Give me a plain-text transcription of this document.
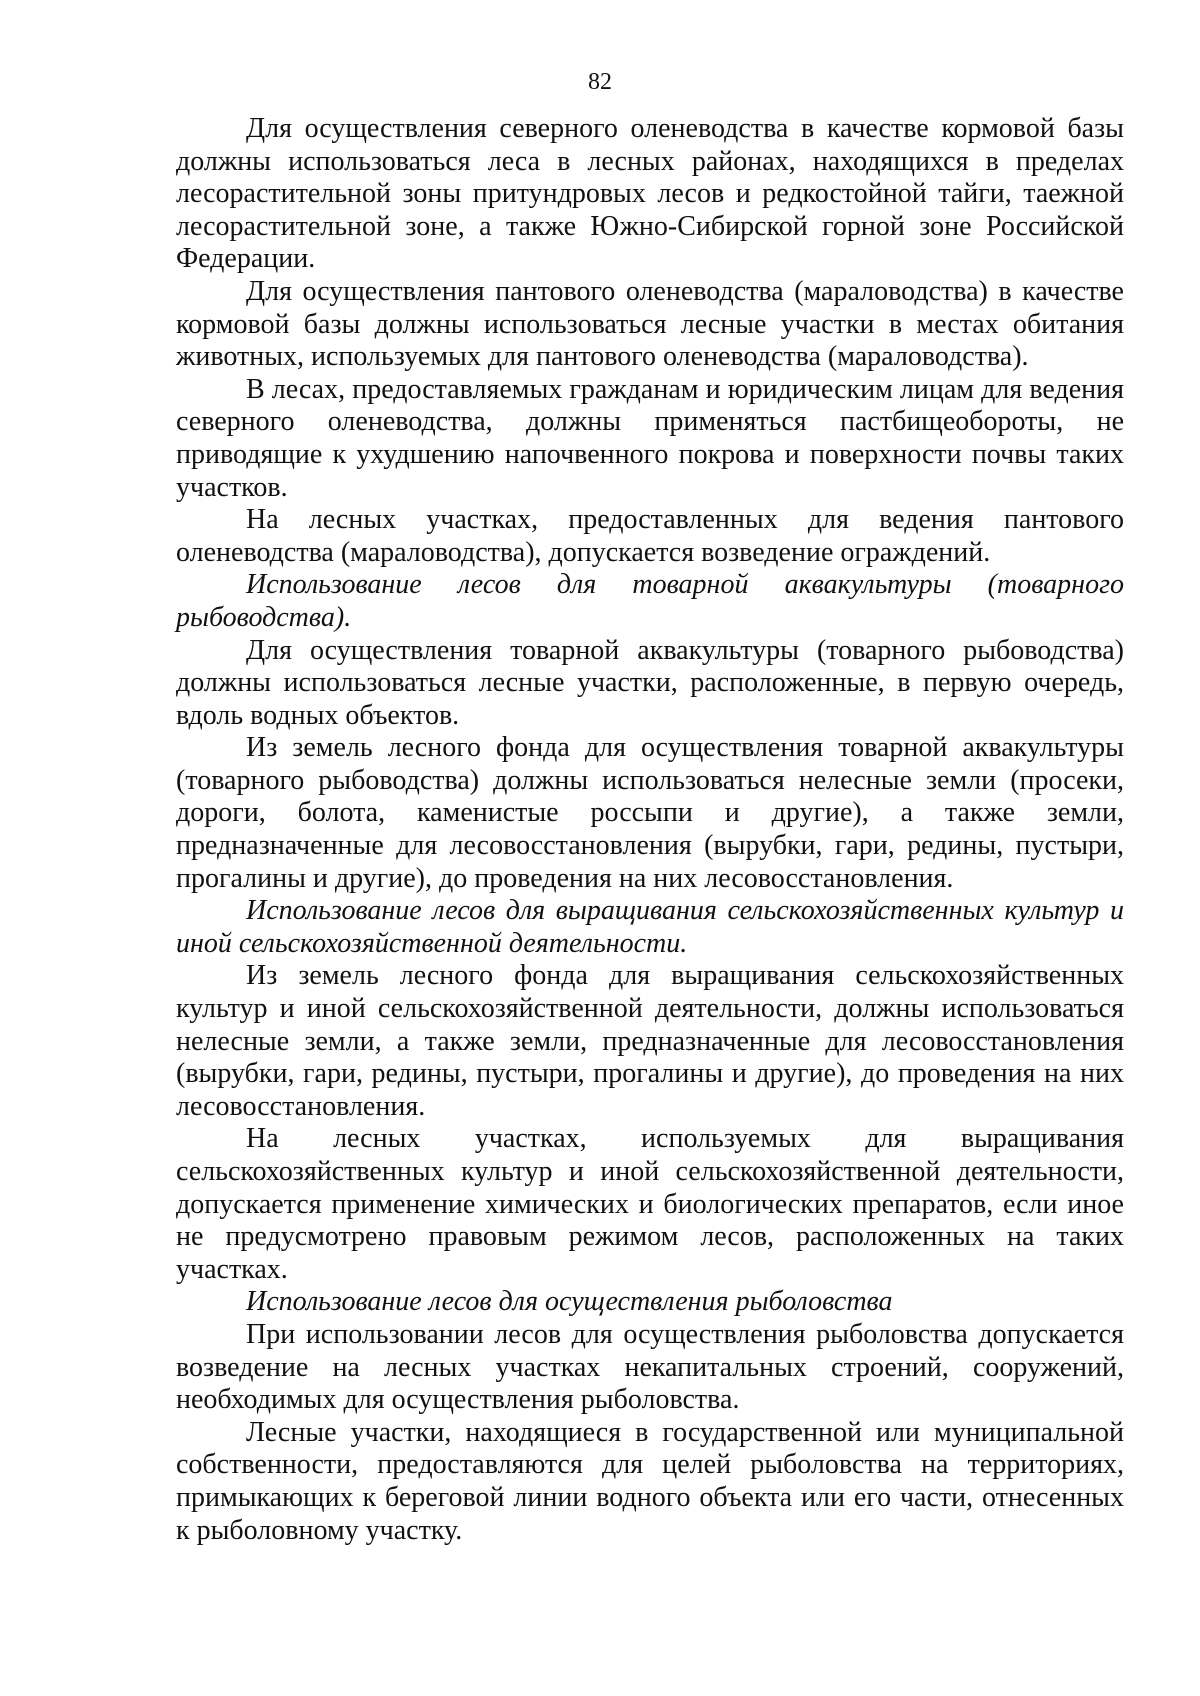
82

Для осуществления северного оленеводства в качестве кормовой базы должны использоваться леса в лесных районах, находящихся в пределах лесорастительной зоны притундровых лесов и редкостойной тайги, таежной лесорастительной зоне, а также Южно-Сибирской горной зоне Российской Федерации.

Для осуществления пантового оленеводства (мараловодства) в качестве кормовой базы должны использоваться лесные участки в местах обитания животных, используемых для пантового оленеводства (мараловодства).

В лесах, предоставляемых гражданам и юридическим лицам для ведения северного оленеводства, должны применяться пастбищеобороты, не приводящие к ухудшению напочвенного покрова и поверхности почвы таких участков.

На лесных участках, предоставленных для ведения пантового оленеводства (мараловодства), допускается возведение ограждений.

Использование лесов для товарной аквакультуры (товарного рыбоводства).

Для осуществления товарной аквакультуры (товарного рыбоводства) должны использоваться лесные участки, расположенные, в первую очередь, вдоль водных объектов.

Из земель лесного фонда для осуществления товарной аквакультуры (товарного рыбоводства) должны использоваться нелесные земли (просеки, дороги, болота, каменистые россыпи и другие), а также земли, предназначенные для лесовосстановления (вырубки, гари, редины, пустыри, прогалины и другие), до проведения на них лесовосстановления.

Использование лесов для выращивания сельскохозяйственных культур и иной сельскохозяйственной деятельности.

Из земель лесного фонда для выращивания сельскохозяйственных культур и иной сельскохозяйственной деятельности, должны использоваться нелесные земли, а также земли, предназначенные для лесовосстановления (вырубки, гари, редины, пустыри, прогалины и другие), до проведения на них лесовосстановления.

На лесных участках, используемых для выращивания сельскохозяйственных культур и иной сельскохозяйственной деятельности, допускается применение химических и биологических препаратов, если иное не предусмотрено правовым режимом лесов, расположенных на таких участках.

Использование лесов для осуществления рыболовства

При использовании лесов для осуществления рыболовства допускается возведение на лесных участках некапитальных строений, сооружений, необходимых для осуществления рыболовства.

Лесные участки, находящиеся в государственной или муниципальной собственности, предоставляются для целей рыболовства на территориях, примыкающих к береговой линии водного объекта или его части, отнесенных к рыболовному участку.
